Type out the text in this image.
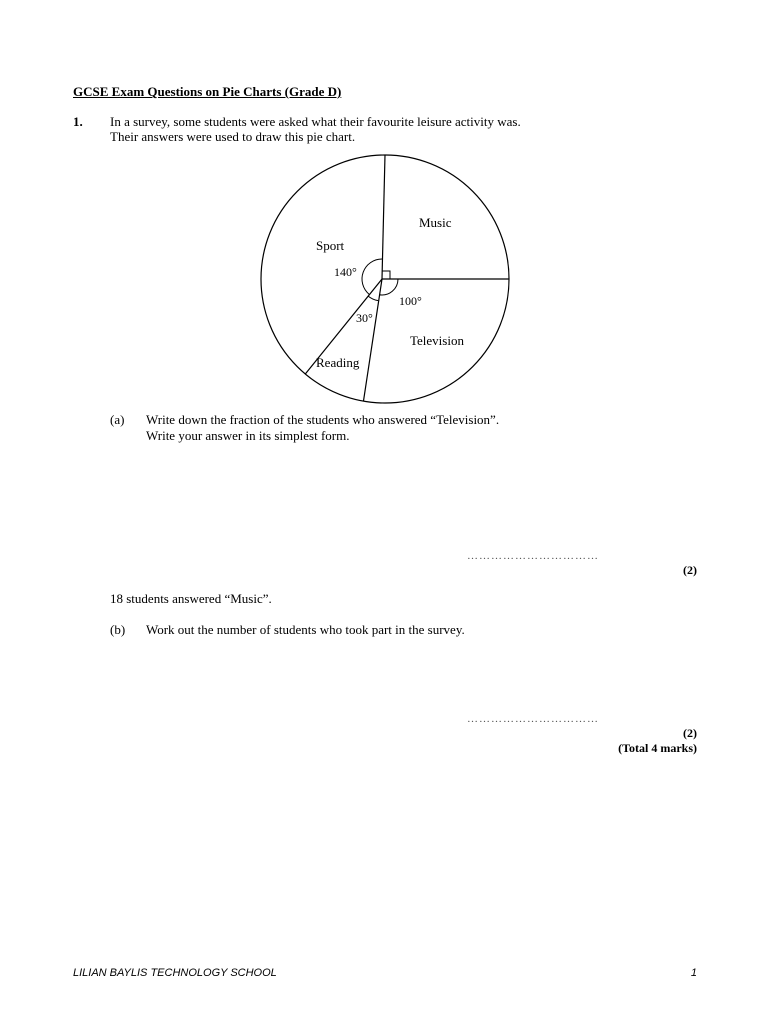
GCSE Exam Questions on Pie Charts (Grade D)
1. In a survey, some students were asked what their favourite leisure activity was.
Their answers were used to draw this pie chart.
Music
Television
Reading
Sport
140°
100°
30°
(a) Write down the fraction of the students who answered “Television”.
Write your answer in its simplest form.
……………………………
(2)
18 students answered “Music”.
(b) Work out the number of students who took part in the survey.
……………………………
(2)
(Total 4 marks)
LILIAN BAYLIS TECHNOLOGY SCHOOL	1
